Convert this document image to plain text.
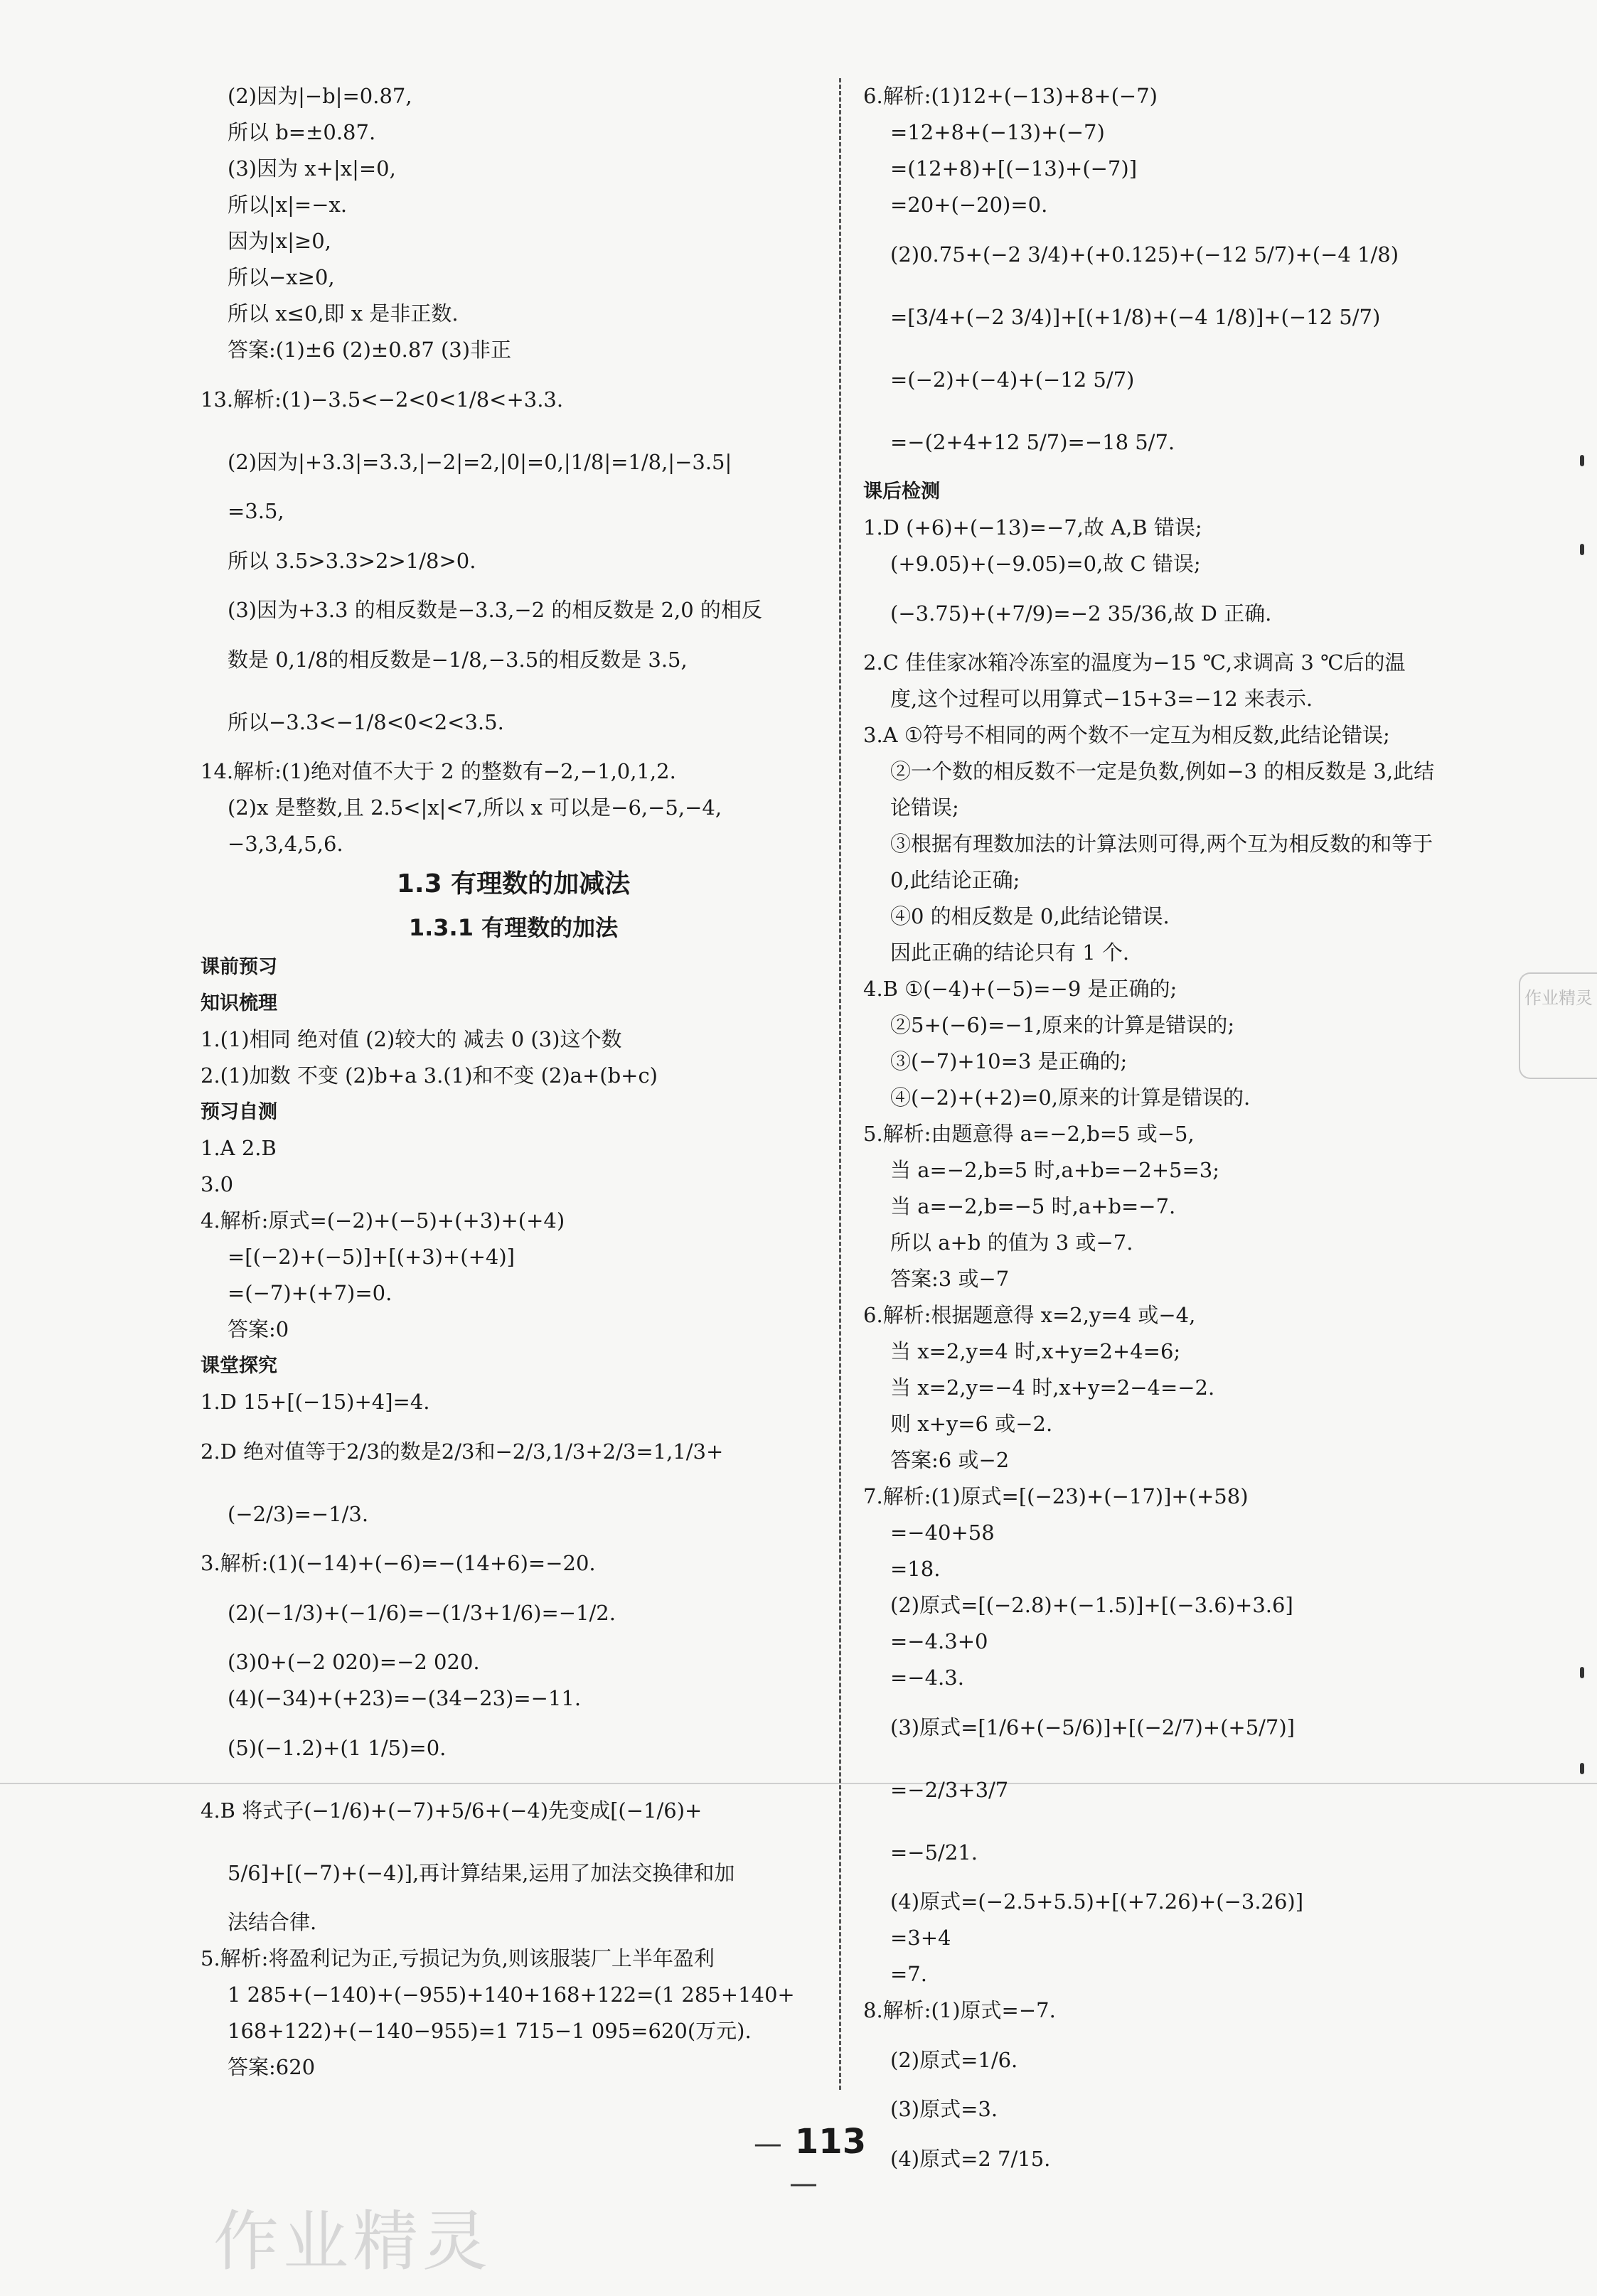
(2)因为|−b|=0.87,
所以 b=±0.87.
(3)因为 x+|x|=0,
所以|x|=−x.
因为|x|≥0,
所以−x≥0,
所以 x≤0,即 x 是非正数.
答案:(1)±6 (2)±0.87 (3)非正
13.解析:(1)−3.5<−2<0<1/8<+3.3.
(2)因为|+3.3|=3.3,|−2|=2,|0|=0,|1/8|=1/8,|−3.5|
=3.5,
所以 3.5>3.3>2>1/8>0.
(3)因为+3.3 的相反数是−3.3,−2 的相反数是 2,0 的相反
数是 0,1/8的相反数是−1/8,−3.5的相反数是 3.5,
所以−3.3<−1/8<0<2<3.5.
14.解析:(1)绝对值不大于 2 的整数有−2,−1,0,1,2.
(2)x 是整数,且 2.5<|x|<7,所以 x 可以是−6,−5,−4,
−3,3,4,5,6.
1.3 有理数的加减法
1.3.1 有理数的加法
课前预习
知识梳理
1.(1)相同 绝对值 (2)较大的 减去 0 (3)这个数
2.(1)加数 不变 (2)b+a 3.(1)和不变 (2)a+(b+c)
预习自测
1.A 2.B
3.0
4.解析:原式=(−2)+(−5)+(+3)+(+4)
=[(−2)+(−5)]+[(+3)+(+4)]
=(−7)+(+7)=0.
答案:0
课堂探究
1.D 15+[(−15)+4]=4.
2.D 绝对值等于2/3的数是2/3和−2/3,1/3+2/3=1,1/3+
(−2/3)=−1/3.
3.解析:(1)(−14)+(−6)=−(14+6)=−20.
(2)(−1/3)+(−1/6)=−(1/3+1/6)=−1/2.
(3)0+(−2 020)=−2 020.
(4)(−34)+(+23)=−(34−23)=−11.
(5)(−1.2)+(1 1/5)=0.
4.B 将式子(−1/6)+(−7)+5/6+(−4)先变成[(−1/6)+
5/6]+[(−7)+(−4)],再计算结果,运用了加法交换律和加
法结合律.
5.解析:将盈利记为正,亏损记为负,则该服装厂上半年盈利
1 285+(−140)+(−955)+140+168+122=(1 285+140+
168+122)+(−140−955)=1 715−1 095=620(万元).
答案:620
6.解析:(1)12+(−13)+8+(−7)
=12+8+(−13)+(−7)
=(12+8)+[(−13)+(−7)]
=20+(−20)=0.
(2)0.75+(−2 3/4)+(+0.125)+(−12 5/7)+(−4 1/8)
=[3/4+(−2 3/4)]+[(+1/8)+(−4 1/8)]+(−12 5/7)
=(−2)+(−4)+(−12 5/7)
=−(2+4+12 5/7)=−18 5/7.
课后检测
1.D (+6)+(−13)=−7,故 A,B 错误;
(+9.05)+(−9.05)=0,故 C 错误;
(−3.75)+(+7/9)=−2 35/36,故 D 正确.
2.C 佳佳家冰箱冷冻室的温度为−15 ℃,求调高 3 ℃后的温
度,这个过程可以用算式−15+3=−12 来表示.
3.A ①符号不相同的两个数不一定互为相反数,此结论错误;
②一个数的相反数不一定是负数,例如−3 的相反数是 3,此结
论错误;
③根据有理数加法的计算法则可得,两个互为相反数的和等于
0,此结论正确;
④0 的相反数是 0,此结论错误.
因此正确的结论只有 1 个.
4.B ①(−4)+(−5)=−9 是正确的;
②5+(−6)=−1,原来的计算是错误的;
③(−7)+10=3 是正确的;
④(−2)+(+2)=0,原来的计算是错误的.
5.解析:由题意得 a=−2,b=5 或−5,
当 a=−2,b=5 时,a+b=−2+5=3;
当 a=−2,b=−5 时,a+b=−7.
所以 a+b 的值为 3 或−7.
答案:3 或−7
6.解析:根据题意得 x=2,y=4 或−4,
当 x=2,y=4 时,x+y=2+4=6;
当 x=2,y=−4 时,x+y=2−4=−2.
则 x+y=6 或−2.
答案:6 或−2
7.解析:(1)原式=[(−23)+(−17)]+(+58)
=−40+58
=18.
(2)原式=[(−2.8)+(−1.5)]+[(−3.6)+3.6]
=−4.3+0
=−4.3.
(3)原式=[1/6+(−5/6)]+[(−2/7)+(+5/7)]
=−2/3+3/7
=−5/21.
(4)原式=(−2.5+5.5)+[(+7.26)+(−3.26)]
=3+4
=7.
8.解析:(1)原式=−7.
(2)原式=1/6.
(3)原式=3.
(4)原式=2 7/15.
— 113—
作业精灵
作业精灵
